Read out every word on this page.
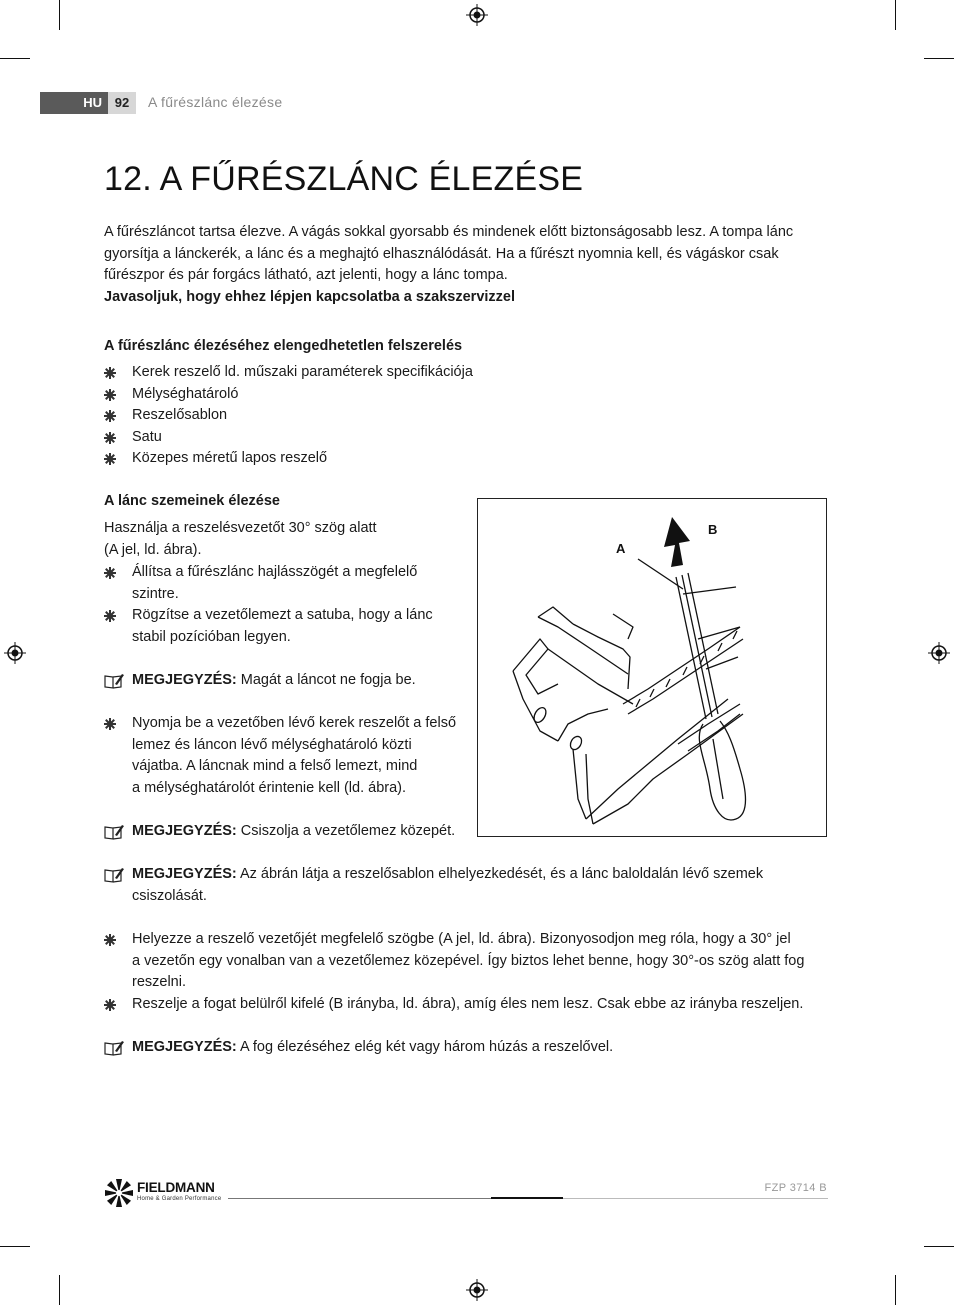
HU 92	A fűrészlánc élezése
12. A FŰRÉSZLÁNC ÉLEZÉSE
A fűrészláncot tartsa élezve. A vágás sokkal gyorsabb és mindenek előtt biztonságosabb lesz. A tompa lánc
gyorsítja a lánckerék, a lánc és a meghajtó elhasználódását. Ha a fűrészt nyomnia kell, és vágáskor csak
fűrészpor és pár forgács látható, azt jelenti, hogy a lánc tompa.
Javasoljuk, hogy ehhez lépjen kapcsolatba a szakszervizzel
A fűrészlánc élezéséhez elengedhetetlen felszerelés
Kerek reszelő ld. műszaki paraméterek specifikációja
Mélységhatároló
Reszelősablon
Satu
Közepes méretű lapos reszelő
A lánc szemeinek élezése
Használja a reszelésvezetőt 30° szög alatt
(A jel, ld. ábra).
Állítsa a fűrészlánc hajlásszögét a megfelelő
szintre.
Rögzítse a vezetőlemezt a satuba, hogy a lánc
stabil pozícióban legyen.
MEGJEGYZÉS: Magát a láncot ne fogja be.
Nyomja be a vezetőben lévő kerek reszelőt a felső
lemez és láncon lévő mélységhatároló közti
vájatba. A láncnak mind a felső lemezt, mind
a mélységhatárolót érintenie kell (ld. ábra).
MEGJEGYZÉS: Csiszolja a vezetőlemez közepét.
A
B
MEGJEGYZÉS: Az ábrán látja a reszelősablon elhelyezkedését, és a lánc baloldalán lévő szemek
csiszolását.
Helyezze a reszelő vezetőjét megfelelő szögbe (A jel, ld. ábra). Bizonyosodjon meg róla, hogy a 30° jel
a vezetőn egy vonalban van a vezetőlemez közepével. Így biztos lehet benne, hogy 30°-os szög alatt fog
reszelni.
Reszelje a fogat belülről kifelé (B irányba, ld. ábra), amíg éles nem lesz. Csak ebbe az irányba reszeljen.
MEGJEGYZÉS: A fog élezéséhez elég két vagy három húzás a reszelővel.
FIELDMANN
Home & Garden Performance
FZP 3714 B
